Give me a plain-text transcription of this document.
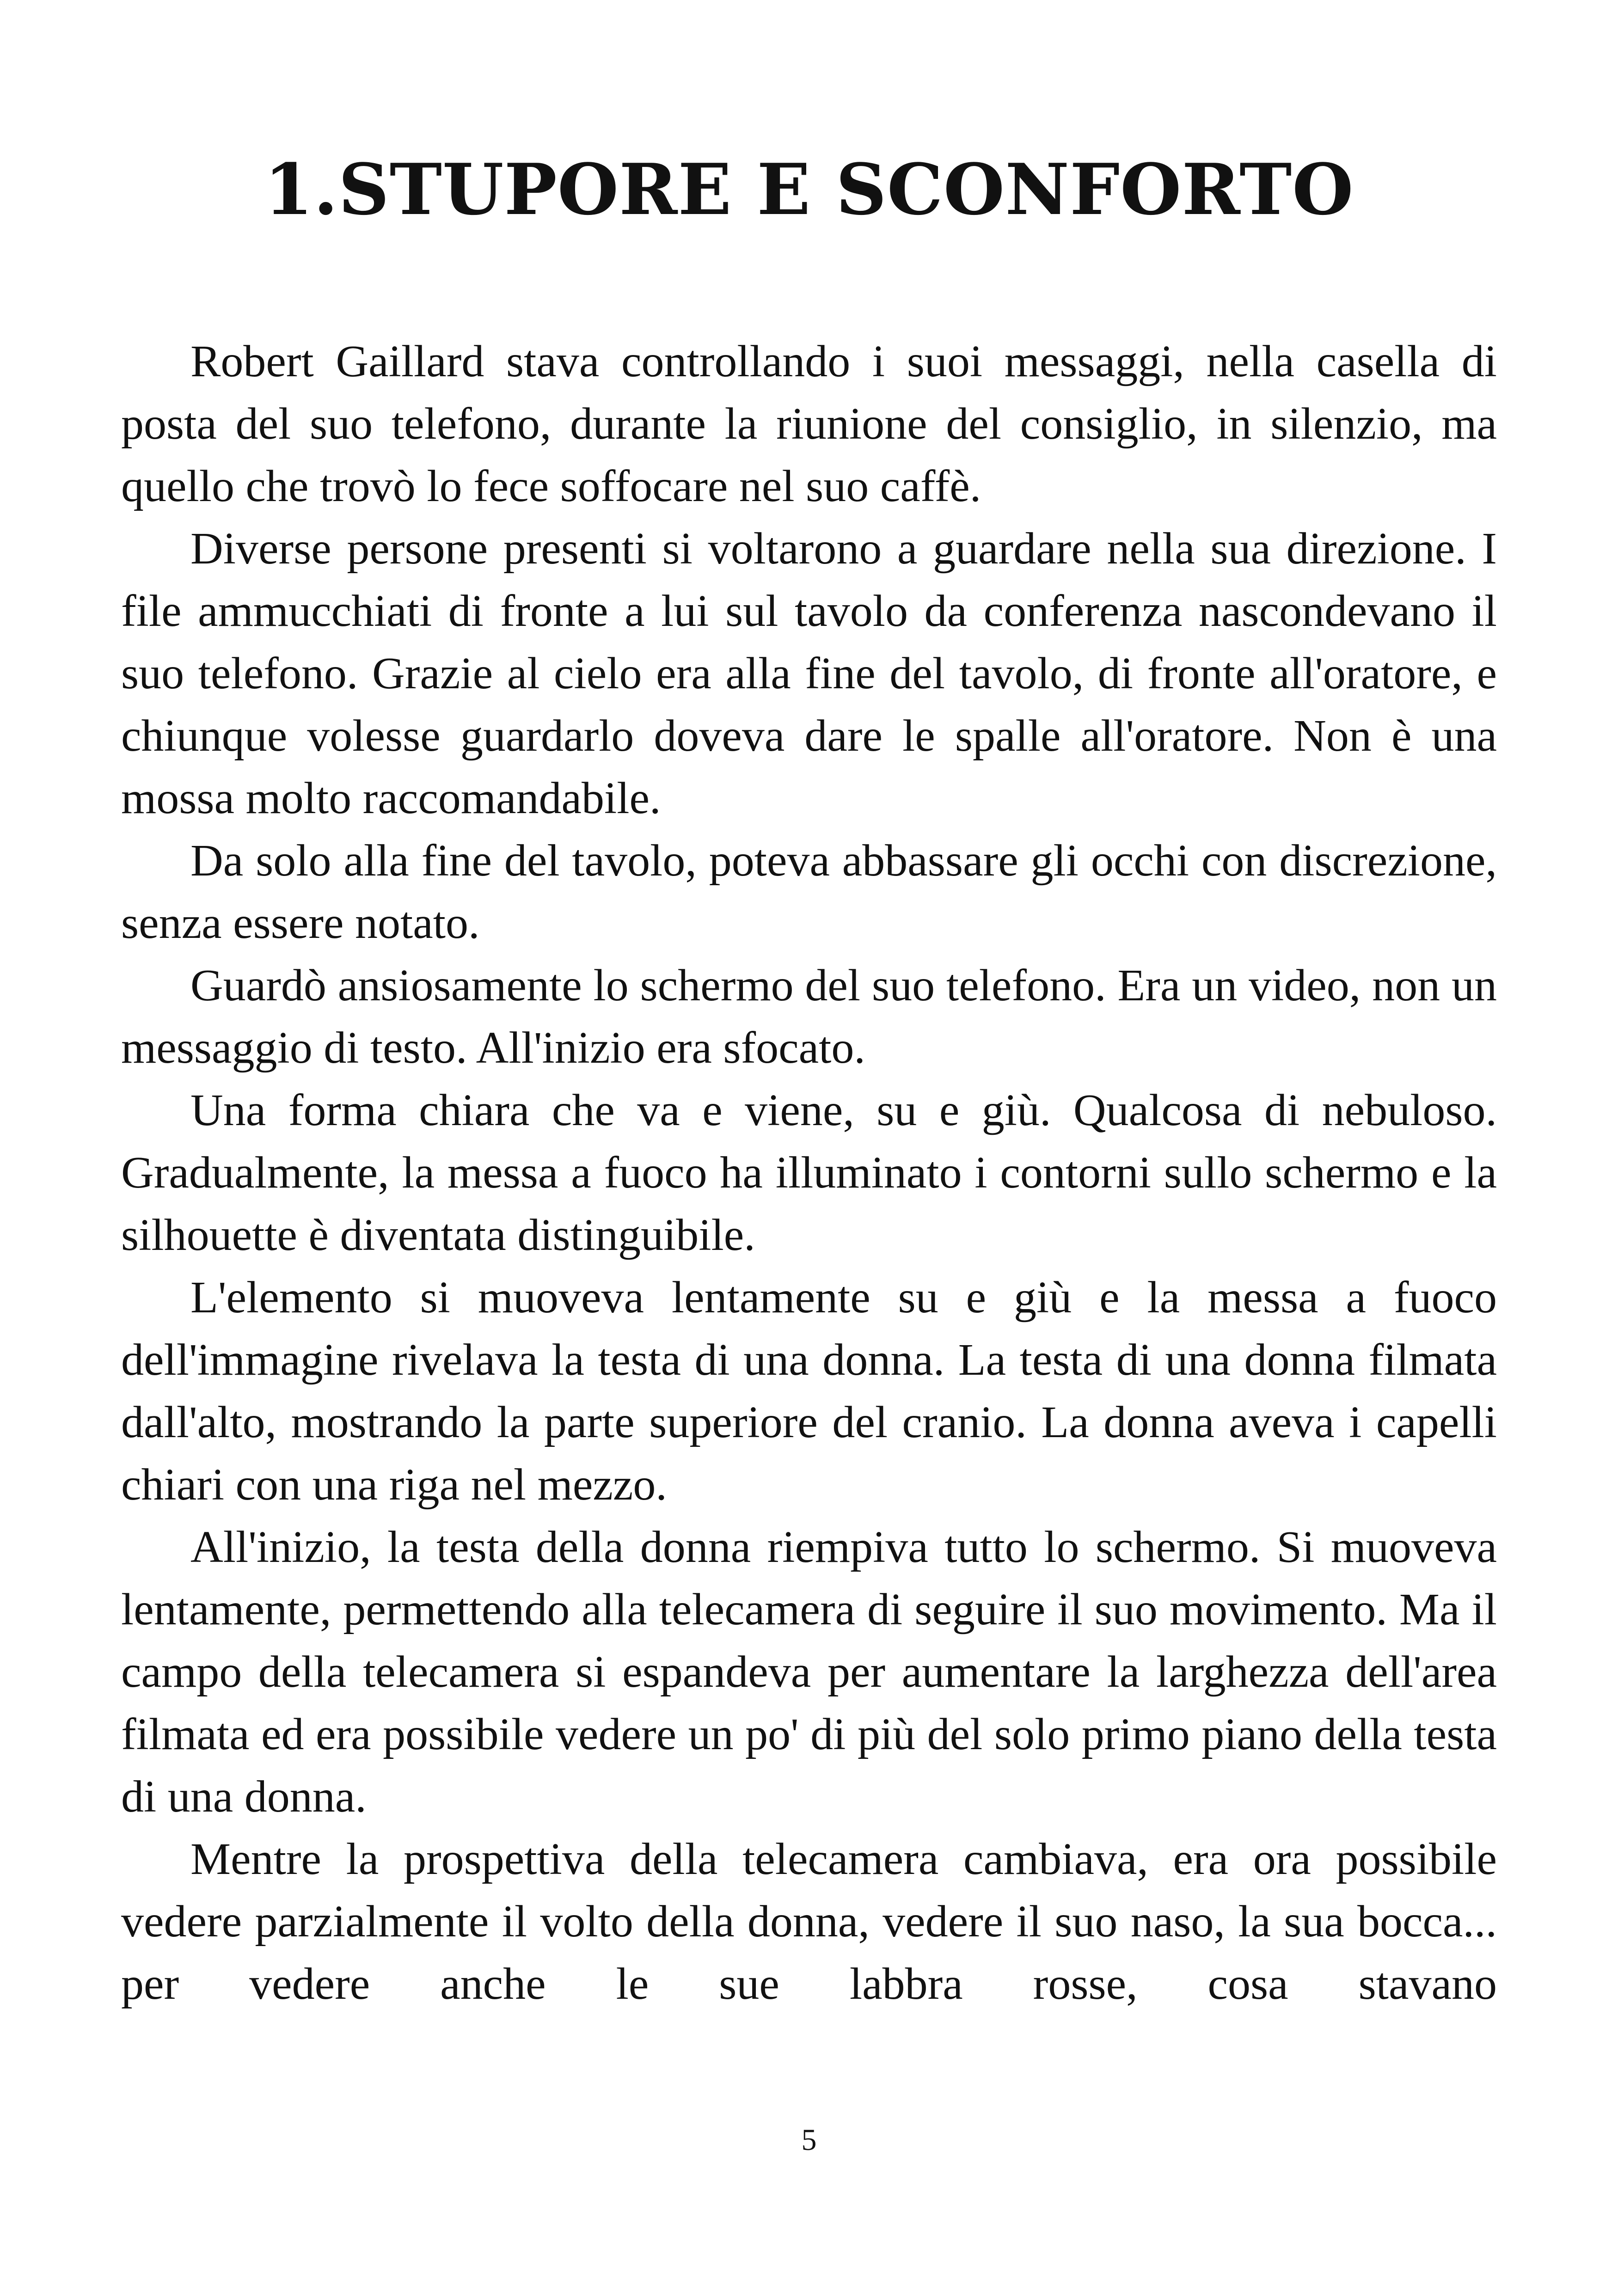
1.STUPORE E SCONFORTO

Robert Gaillard stava controllando i suoi messaggi, nella casella di posta del suo telefono, durante la riunione del consiglio, in silenzio, ma quello che trovò lo fece soffocare nel suo caffè.

Diverse persone presenti si voltarono a guardare nella sua direzione. I file ammucchiati di fronte a lui sul tavolo da conferenza nascondevano il suo telefono. Grazie al cielo era alla fine del tavolo, di fronte all'oratore, e chiunque volesse guardarlo doveva dare le spalle all'oratore. Non è una mossa molto raccomandabile.

Da solo alla fine del tavolo, poteva abbassare gli occhi con discrezione, senza essere notato.

Guardò ansiosamente lo schermo del suo telefono. Era un video, non un messaggio di testo. All'inizio era sfocato.

Una forma chiara che va e viene, su e giù. Qualcosa di nebuloso. Gradualmente, la messa a fuoco ha illuminato i contorni sullo schermo e la silhouette è diventata distinguibile.

L'elemento si muoveva lentamente su e giù e la messa a fuoco dell'immagine rivelava la testa di una donna. La testa di una donna filmata dall'alto, mostrando la parte superiore del cranio. La donna aveva i capelli chiari con una riga nel mezzo.

All'inizio, la testa della donna riempiva tutto lo schermo. Si muoveva lentamente, permettendo alla telecamera di seguire il suo movimento. Ma il campo della telecamera si espandeva per aumentare la larghezza dell'area filmata ed era possibile vedere un po' di più del solo primo piano della testa di una donna.

Mentre la prospettiva della telecamera cambiava, era ora possibile vedere parzialmente il volto della donna, vedere il suo naso, la sua bocca... per vedere anche le sue labbra rosse, cosa stavano

5
